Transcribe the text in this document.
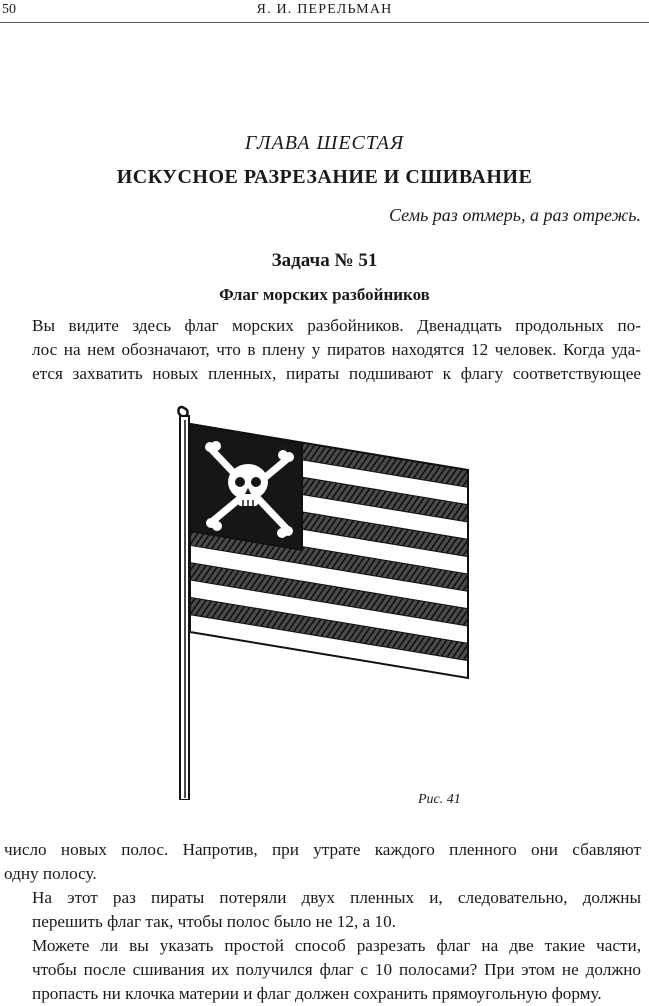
50	Я. И. ПЕРЕЛЬМАН
ГЛАВА ШЕСТАЯ
ИСКУСНОЕ РАЗРЕЗАНИЕ И СШИВАНИЕ
Семь раз отмерь, а раз отрежь.
Задача № 51
Флаг морских разбойников

Вы видите здесь флаг морских разбойников. Двенадцать продольных по-
лос на нем обозначают, что в плену у пиратов находятся 12 человек. Когда уда-
ется захватить новых пленных, пираты подшивают к флагу соответствующее

Рис. 41

число новых полос. Напротив, при утрате каждого пленного они сбавляют
одну полосу.

На этот раз пираты потеряли двух пленных и, следовательно, должны
перешить флаг так, чтобы полос было не 12, а 10.

Можете ли вы указать простой способ разрезать флаг на две такие части,
чтобы после сшивания их получился флаг с 10 полосами? При этом не должно
пропасть ни клочка материи и флаг должен сохранить прямоугольную форму.
